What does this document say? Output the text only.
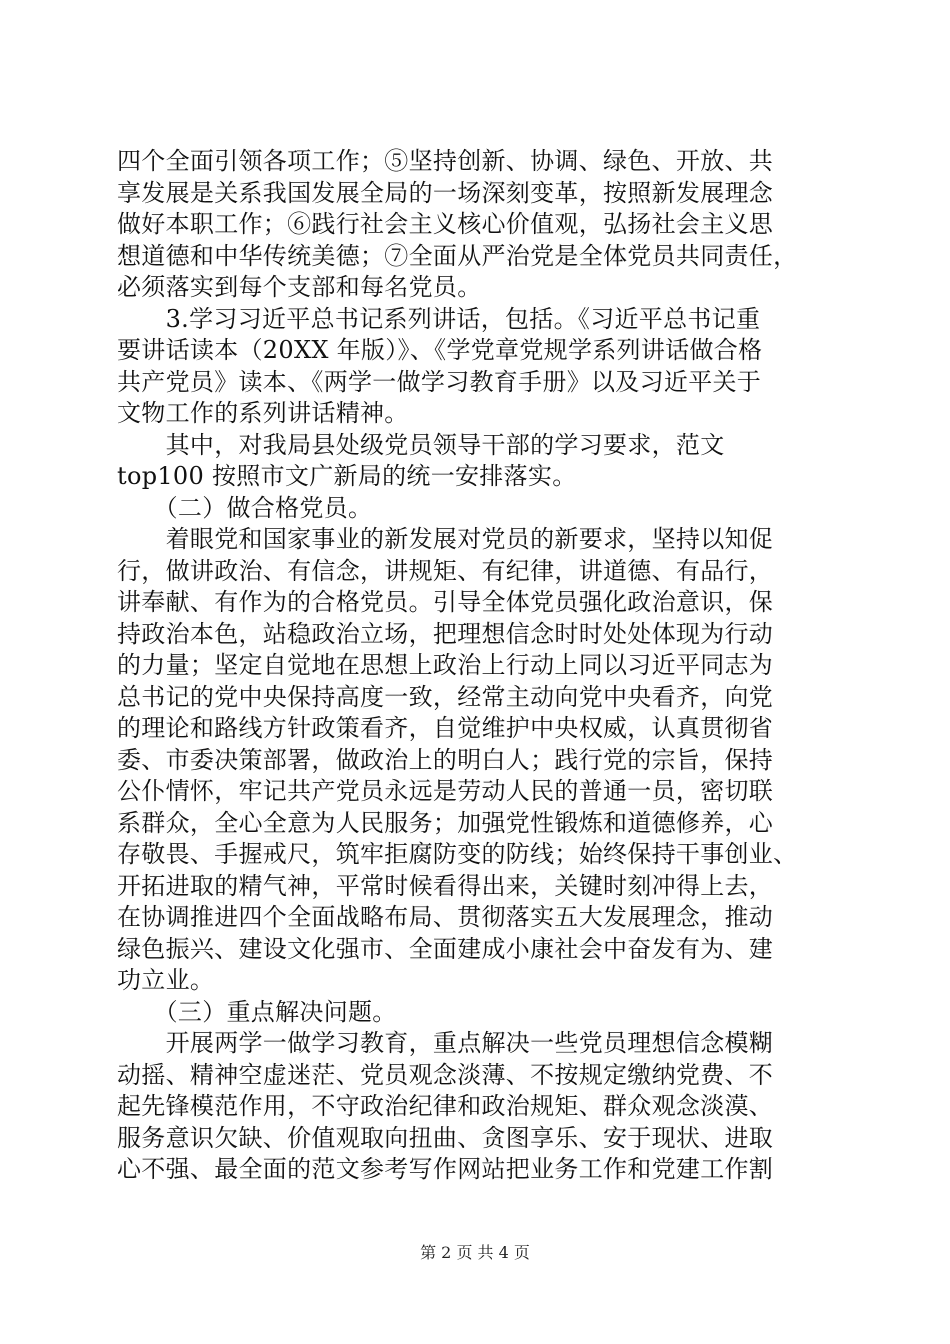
四个全面引领各项工作；⑤坚持创新、协调、绿色、开放、共
享发展是关系我国发展全局的一场深刻变革，按照新发展理念
做好本职工作；⑥践行社会主义核心价值观，弘扬社会主义思
想道德和中华传统美德；⑦全面从严治党是全体党员共同责任，
必须落实到每个支部和每名党员。
　　3.学习习近平总书记系列讲话，包括。《习近平总书记重
要讲话读本（20XX 年版）》、《学党章党规学系列讲话做合格
共产党员》读本、《两学一做学习教育手册》以及习近平关于
文物工作的系列讲话精神。
　　其中，对我局县处级党员领导干部的学习要求，范文
top100 按照市文广新局的统一安排落实。
　　（二）做合格党员。
　　着眼党和国家事业的新发展对党员的新要求，坚持以知促
行，做讲政治、有信念，讲规矩、有纪律，讲道德、有品行，
讲奉献、有作为的合格党员。引导全体党员强化政治意识，保
持政治本色，站稳政治立场，把理想信念时时处处体现为行动
的力量；坚定自觉地在思想上政治上行动上同以习近平同志为
总书记的党中央保持高度一致，经常主动向党中央看齐，向党
的理论和路线方针政策看齐，自觉维护中央权威，认真贯彻省
委、市委决策部署，做政治上的明白人；践行党的宗旨，保持
公仆情怀，牢记共产党员永远是劳动人民的普通一员，密切联
系群众，全心全意为人民服务；加强党性锻炼和道德修养，心
存敬畏、手握戒尺，筑牢拒腐防变的防线；始终保持干事创业、
开拓进取的精气神，平常时候看得出来，关键时刻冲得上去，
在协调推进四个全面战略布局、贯彻落实五大发展理念，推动
绿色振兴、建设文化强市、全面建成小康社会中奋发有为、建
功立业。
　　（三）重点解决问题。
　　开展两学一做学习教育，重点解决一些党员理想信念模糊
动摇、精神空虚迷茫、党员观念淡薄、不按规定缴纳党费、不
起先锋模范作用，不守政治纪律和政治规矩、群众观念淡漠、
服务意识欠缺、价值观取向扭曲、贪图享乐、安于现状、进取
心不强、最全面的范文参考写作网站把业务工作和党建工作割
第 2 页 共 4 页
